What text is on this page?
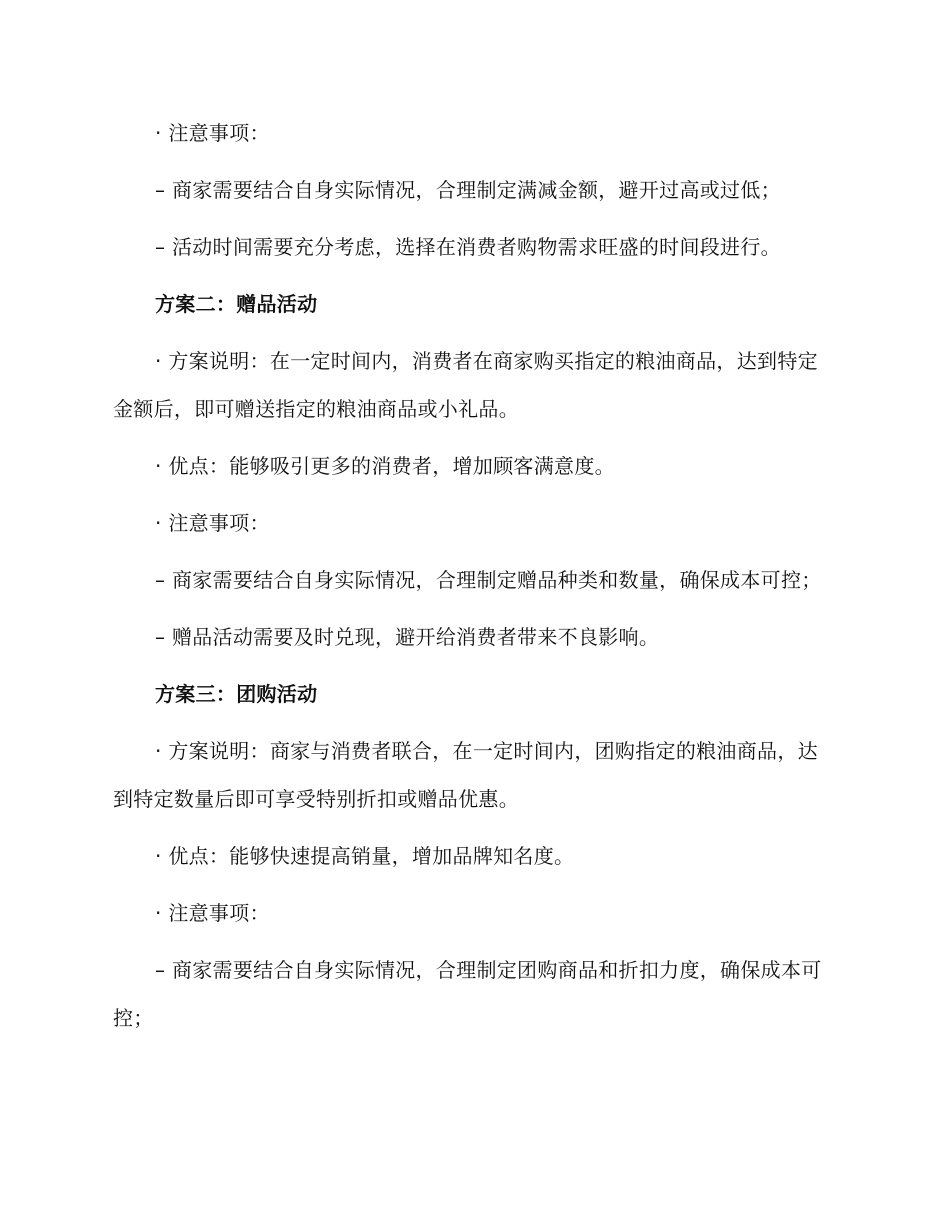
· 注意事项：

– 商家需要结合自身实际情况，合理制定满减金额，避开过高或过低；

– 活动时间需要充分考虑，选择在消费者购物需求旺盛的时间段进行。

方案二：赠品活动

· 方案说明：在一定时间内，消费者在商家购买指定的粮油商品，达到特定金额后，即可赠送指定的粮油商品或小礼品。

· 优点：能够吸引更多的消费者，增加顾客满意度。

· 注意事项：

– 商家需要结合自身实际情况，合理制定赠品种类和数量，确保成本可控；

– 赠品活动需要及时兑现，避开给消费者带来不良影响。

方案三：团购活动

· 方案说明：商家与消费者联合，在一定时间内，团购指定的粮油商品，达到特定数量后即可享受特别折扣或赠品优惠。

· 优点：能够快速提高销量，增加品牌知名度。

· 注意事项：

– 商家需要结合自身实际情况，合理制定团购商品和折扣力度，确保成本可控；
